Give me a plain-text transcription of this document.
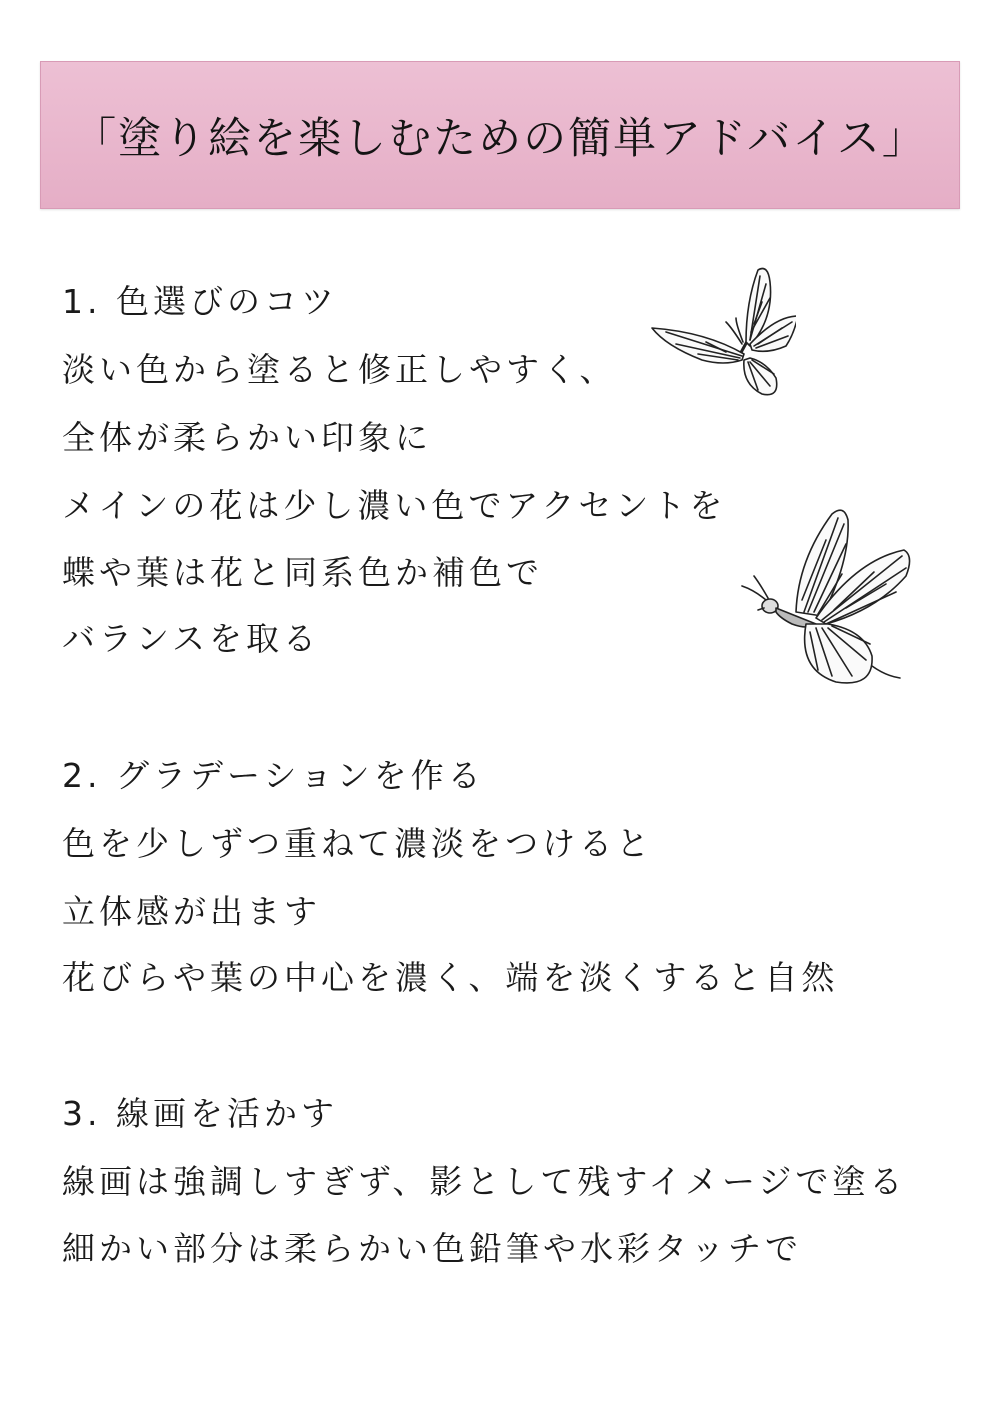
「塗り絵を楽しむための簡単アドバイス」
1. 色選びのコツ
淡い色から塗ると修正しやすく、
全体が柔らかい印象に
メインの花は少し濃い色でアクセントを
蝶や葉は花と同系色か補色で
バランスを取る
2. グラデーションを作る
色を少しずつ重ねて濃淡をつけると
立体感が出ます
花びらや葉の中心を濃く、端を淡くすると自然
3. 線画を活かす
線画は強調しすぎず、影として残すイメージで塗る
細かい部分は柔らかい色鉛筆や水彩タッチで
